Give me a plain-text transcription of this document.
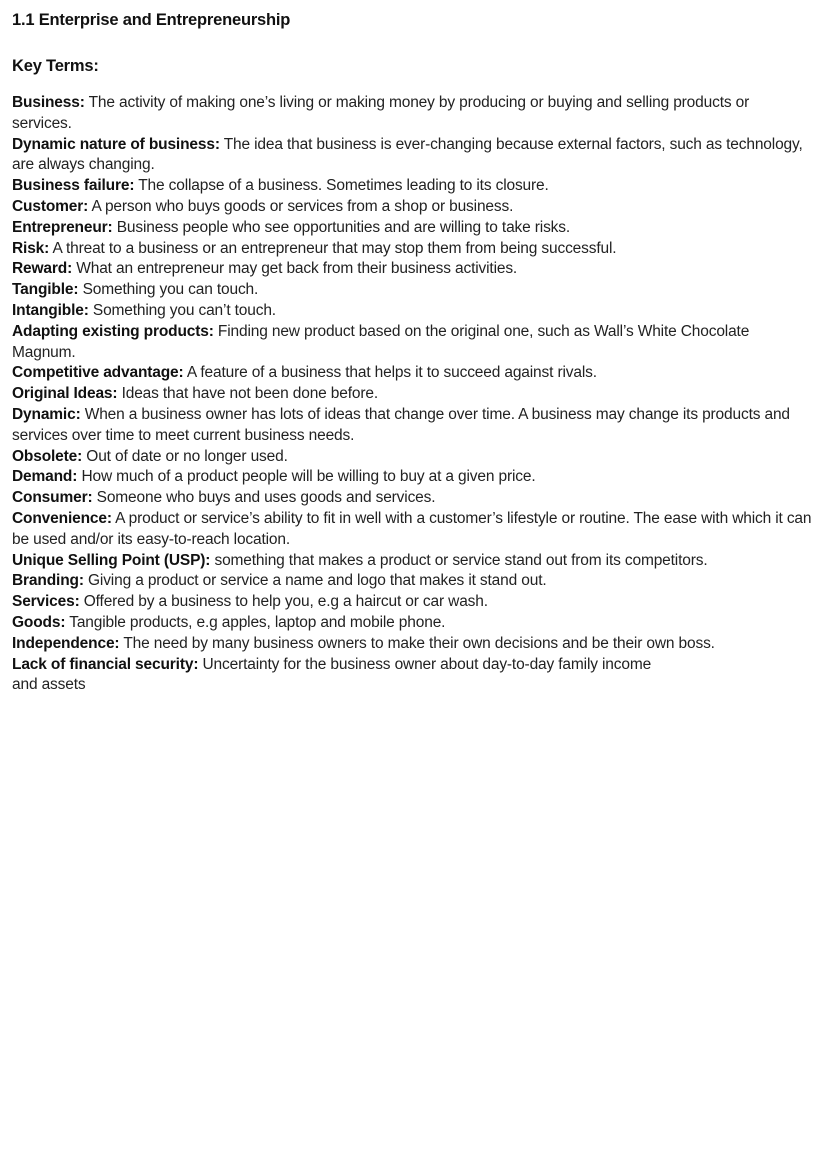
1.1 Enterprise and Entrepreneurship
Key Terms:
Business: The activity of making one’s living or making money by producing or buying and selling products or services.
Dynamic nature of business: The idea that business is ever-changing because external factors, such as technology, are always changing.
Business failure: The collapse of a business. Sometimes leading to its closure.
Customer: A person who buys goods or services from a shop or business.
Entrepreneur: Business people who see opportunities and are willing to take risks.
Risk: A threat to a business or an entrepreneur that may stop them from being successful.
Reward: What an entrepreneur may get back from their business activities.
Tangible: Something you can touch.
Intangible: Something you can’t touch.
Adapting existing products: Finding new product based on the original one, such as Wall’s White Chocolate Magnum.
Competitive advantage: A feature of a business that helps it to succeed against rivals.
Original Ideas: Ideas that have not been done before.
Dynamic: When a business owner has lots of ideas that change over time. A business may change its products and services over time to meet current business needs.
Obsolete: Out of date or no longer used.
Demand: How much of a product people will be willing to buy at a given price.
Consumer: Someone who buys and uses goods and services.
Convenience: A product or service’s ability to fit in well with a customer’s lifestyle or routine. The ease with which it can be used and/or its easy-to-reach location.
Unique Selling Point (USP): something that makes a product or service stand out from its competitors.
Branding: Giving a product or service a name and logo that makes it stand out.
Services: Offered by a business to help you, e.g a haircut or car wash.
Goods: Tangible products, e.g apples, laptop and mobile phone.
Independence: The need by many business owners to make their own decisions and be their own boss.
Lack of financial security: Uncertainty for the business owner about day-to-day family income
and assets
